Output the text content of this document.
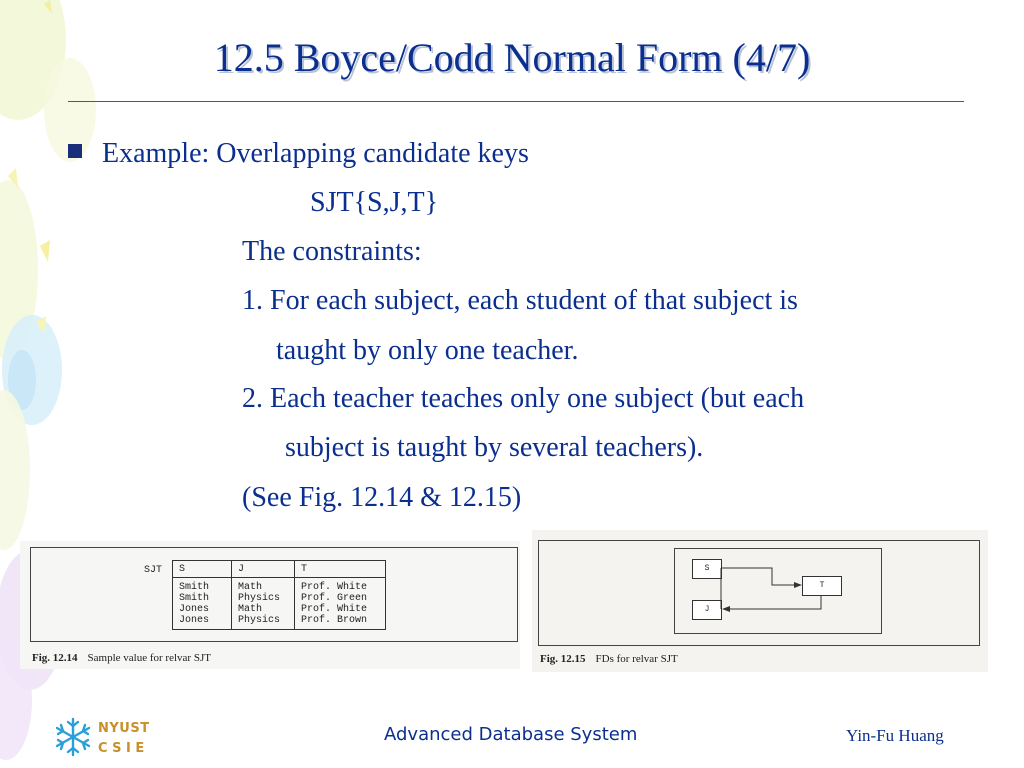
12.5 Boyce/Codd Normal Form (4/7)
Example: Overlapping candidate keys
SJT{S,J,T}
The constraints:
1. For each subject, each student of that subject is
taught by only one teacher.
2. Each teacher teaches only one subject (but each
subject is taught by several teachers).
(See Fig. 12.14 & 12.15)
SJT S	J	T
Smith	Math	Prof. White
Smith	Physics	Prof. Green
Jones	Math	Prof. White
Jones	Physics	Prof. Brown
Fig. 12.14 Sample value for relvar SJT
S
J
T
Fig. 12.15 FDs for relvar SJT
NYUST
C S I E
Advanced Database System	Yin-Fu Huang
